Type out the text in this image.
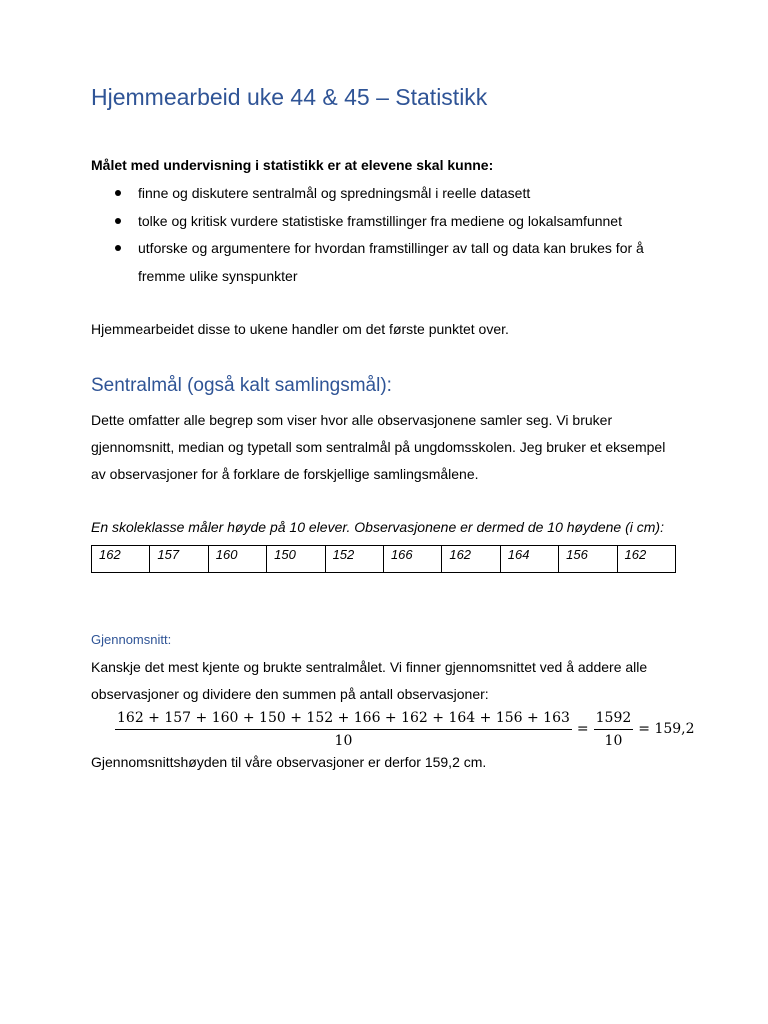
Hjemmearbeid uke 44 & 45 – Statistikk

Målet med undervisning i statistikk er at elevene skal kunne:

finne og diskutere sentralmål og spredningsmål i reelle datasett
tolke og kritisk vurdere statistiske framstillinger fra mediene og lokalsamfunnet
utforske og argumentere for hvordan framstillinger av tall og data kan brukes for å fremme ulike synspunkter

Hjemmearbeidet disse to ukene handler om det første punktet over.

Sentralmål (også kalt samlingsmål):

Dette omfatter alle begrep som viser hvor alle observasjonene samler seg. Vi bruker gjennomsnitt, median og typetall som sentralmål på ungdomsskolen. Jeg bruker et eksempel av observasjoner for å forklare de forskjellige samlingsmålene.

En skoleklasse måler høyde på 10 elever. Observasjonene er dermed de 10 høydene (i cm):

162	157	160	150	152	166	162	164	156	162
Gjennomsnitt:

Kanskje det mest kjente og brukte sentralmålet. Vi finner gjennomsnittet ved å addere alle observasjoner og dividere den summen på antall observasjoner:

$\frac{162 + 157 + 160 + 150 + 152 + 166 + 162 + 164 + 156 + 163}{10} = \frac{1592}{10} = 159,2$

Gjennomsnittshøyden til våre observasjoner er derfor 159,2 cm.
